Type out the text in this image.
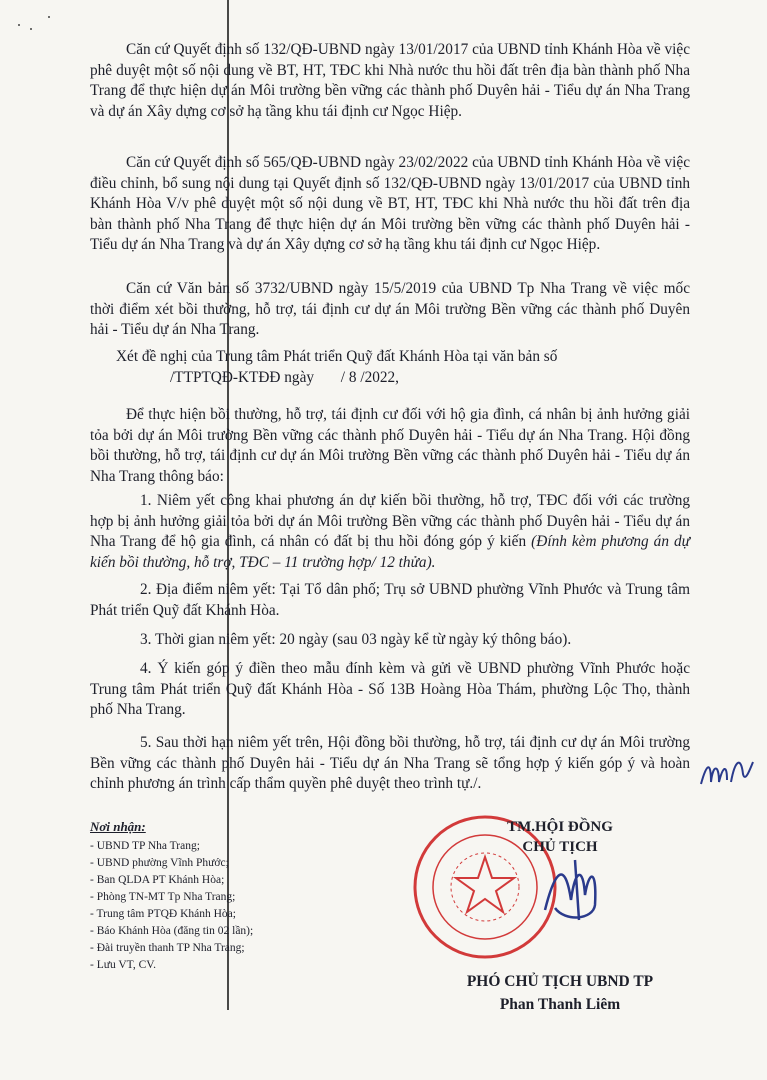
Căn cứ Quyết định số 132/QĐ-UBND ngày 13/01/2017 của UBND tỉnh Khánh Hòa về việc phê duyệt một số nội dung về BT, HT, TĐC khi Nhà nước thu hồi đất trên địa bàn thành phố Nha Trang để thực hiện dự án Môi trường bền vững các thành phố Duyên hải - Tiểu dự án Nha Trang và dự án Xây dựng cơ sở hạ tầng khu tái định cư Ngọc Hiệp.

Căn cứ Quyết định số 565/QĐ-UBND ngày 23/02/2022 của UBND tỉnh Khánh Hòa về việc điều chỉnh, bổ sung nội dung tại Quyết định số 132/QĐ-UBND ngày 13/01/2017 của UBND tỉnh Khánh Hòa V/v phê duyệt một số nội dung về BT, HT, TĐC khi Nhà nước thu hồi đất trên địa bàn thành phố Nha Trang để thực hiện dự án Môi trường bền vững các thành phố Duyên hải - Tiểu dự án Nha Trang và dự án Xây dựng cơ sở hạ tầng khu tái định cư Ngọc Hiệp.

Căn cứ Văn bản số 3732/UBND ngày 15/5/2019 của UBND Tp Nha Trang về việc mốc thời điểm xét bồi thường, hỗ trợ, tái định cư dự án Môi trường Bền vững các thành phố Duyên hải - Tiểu dự án Nha Trang.

Xét đề nghị của Trung tâm Phát triển Quỹ đất Khánh Hòa tại văn bản số

/TTPTQĐ-KTĐĐ ngày       / 8 /2022,

Để thực hiện bồi thường, hỗ trợ, tái định cư đối với hộ gia đình, cá nhân bị ảnh hưởng giải tỏa bởi dự án Môi trường Bền vững các thành phố Duyên hải - Tiểu dự án Nha Trang. Hội đồng bồi thường, hỗ trợ, tái định cư dự án Môi trường Bền vững các thành phố Duyên hải - Tiểu dự án Nha Trang thông báo:

1. Niêm yết công khai phương án dự kiến bồi thường, hỗ trợ, TĐC đối với các trường hợp bị ảnh hưởng giải tỏa bởi dự án Môi trường Bền vững các thành phố Duyên hải - Tiểu dự án Nha Trang để hộ gia đình, cá nhân có đất bị thu hồi đóng góp ý kiến (Đính kèm phương án dự kiến bồi thường, hỗ trợ, TĐC – 11 trường hợp/ 12 thửa).

2. Địa điểm niêm yết: Tại Tổ dân phố; Trụ sở UBND phường Vĩnh Phước và Trung tâm Phát triển Quỹ đất Khánh Hòa.

3. Thời gian niêm yết: 20 ngày (sau 03 ngày kể từ ngày ký thông báo).

4. Ý kiến góp ý điền theo mẫu đính kèm và gửi về UBND phường Vĩnh Phước hoặc Trung tâm Phát triển Quỹ đất Khánh Hòa - Số 13B Hoàng Hòa Thám, phường Lộc Thọ, thành phố Nha Trang.

5. Sau thời hạn niêm yết trên, Hội đồng bồi thường, hỗ trợ, tái định cư dự án Môi trường Bền vững các thành phố Duyên hải - Tiểu dự án Nha Trang sẽ tổng hợp ý kiến góp ý và hoàn chỉnh phương án trình cấp thẩm quyền phê duyệt theo trình tự./.

Nơi nhận:
- UBND TP Nha Trang;
- UBND phường Vĩnh Phước;
- Ban QLDA PT Khánh Hòa;
- Phòng TN-MT Tp Nha Trang;
- Trung tâm PTQĐ Khánh Hòa;
- Báo Khánh Hòa (đăng tin 02 lần);
- Đài truyền thanh TP Nha Trang;
- Lưu VT, CV.
TM.HỘI ĐỒNG
CHỦ TỊCH
PHÓ CHỦ TỊCH UBND TP
Phan Thanh Liêm
